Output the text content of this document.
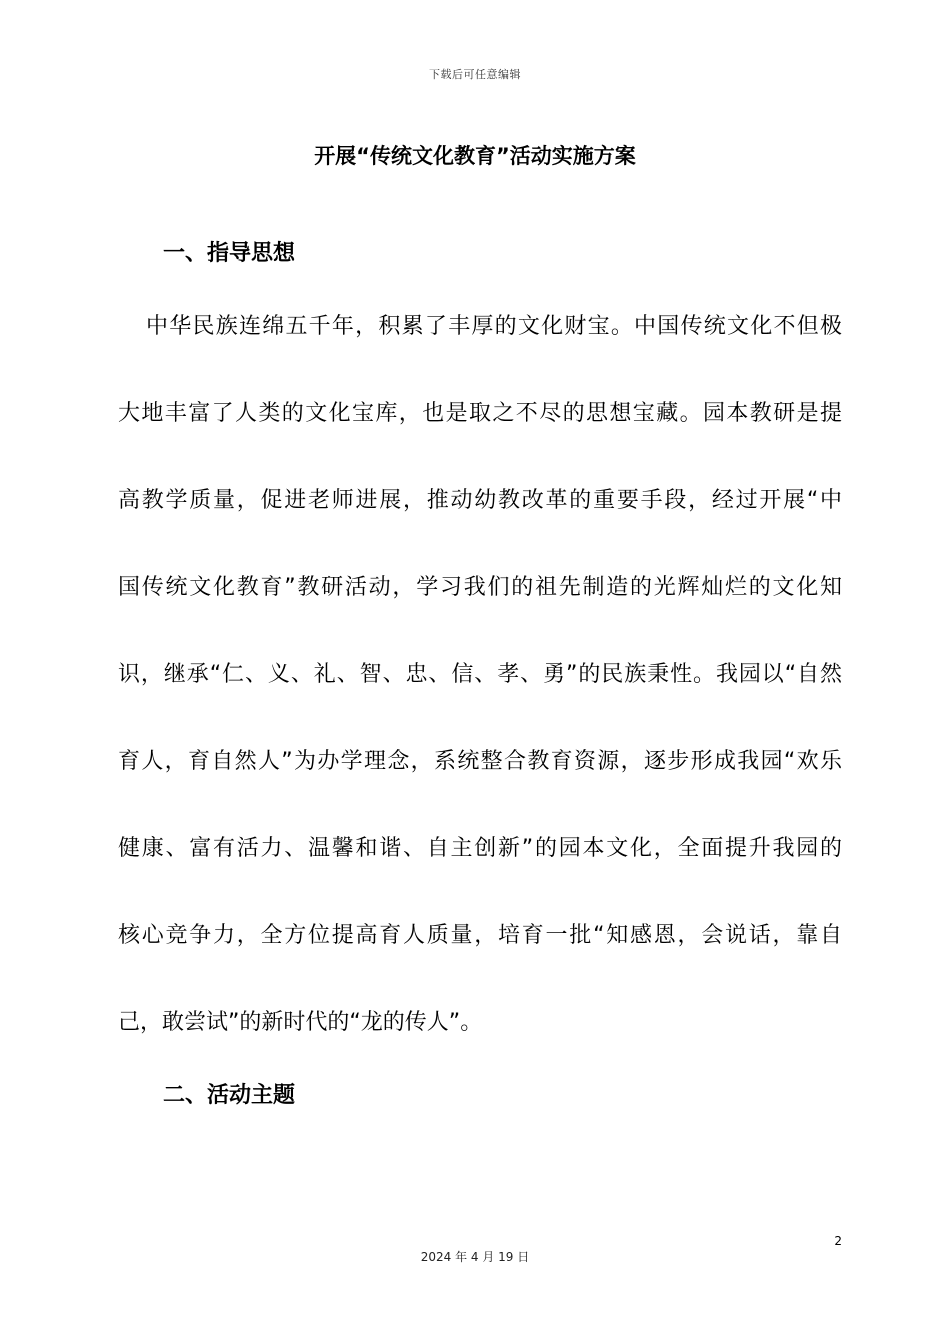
下载后可任意编辑
开展“传统文化教育”活动实施方案
一、指导思想
中华民族连绵五千年，积累了丰厚的文化财宝。中国传统文化不但极
大地丰富了人类的文化宝库，也是取之不尽的思想宝藏。园本教研是提
高教学质量，促进老师进展，推动幼教改革的重要手段，经过开展“中
国传统文化教育”教研活动，学习我们的祖先制造的光辉灿烂的文化知
识，继承“仁、义、礼、智、忠、信、孝、勇”的民族秉性。我园以“自然
育人，育自然人”为办学理念，系统整合教育资源，逐步形成我园“欢乐
健康、富有活力、温馨和谐、自主创新”的园本文化，全面提升我园的
核心竞争力，全方位提高育人质量，培育一批“知感恩，会说话，靠自
己，敢尝试”的新时代的“龙的传人”。
二、活动主题
2
2024 年 4 月 19 日
